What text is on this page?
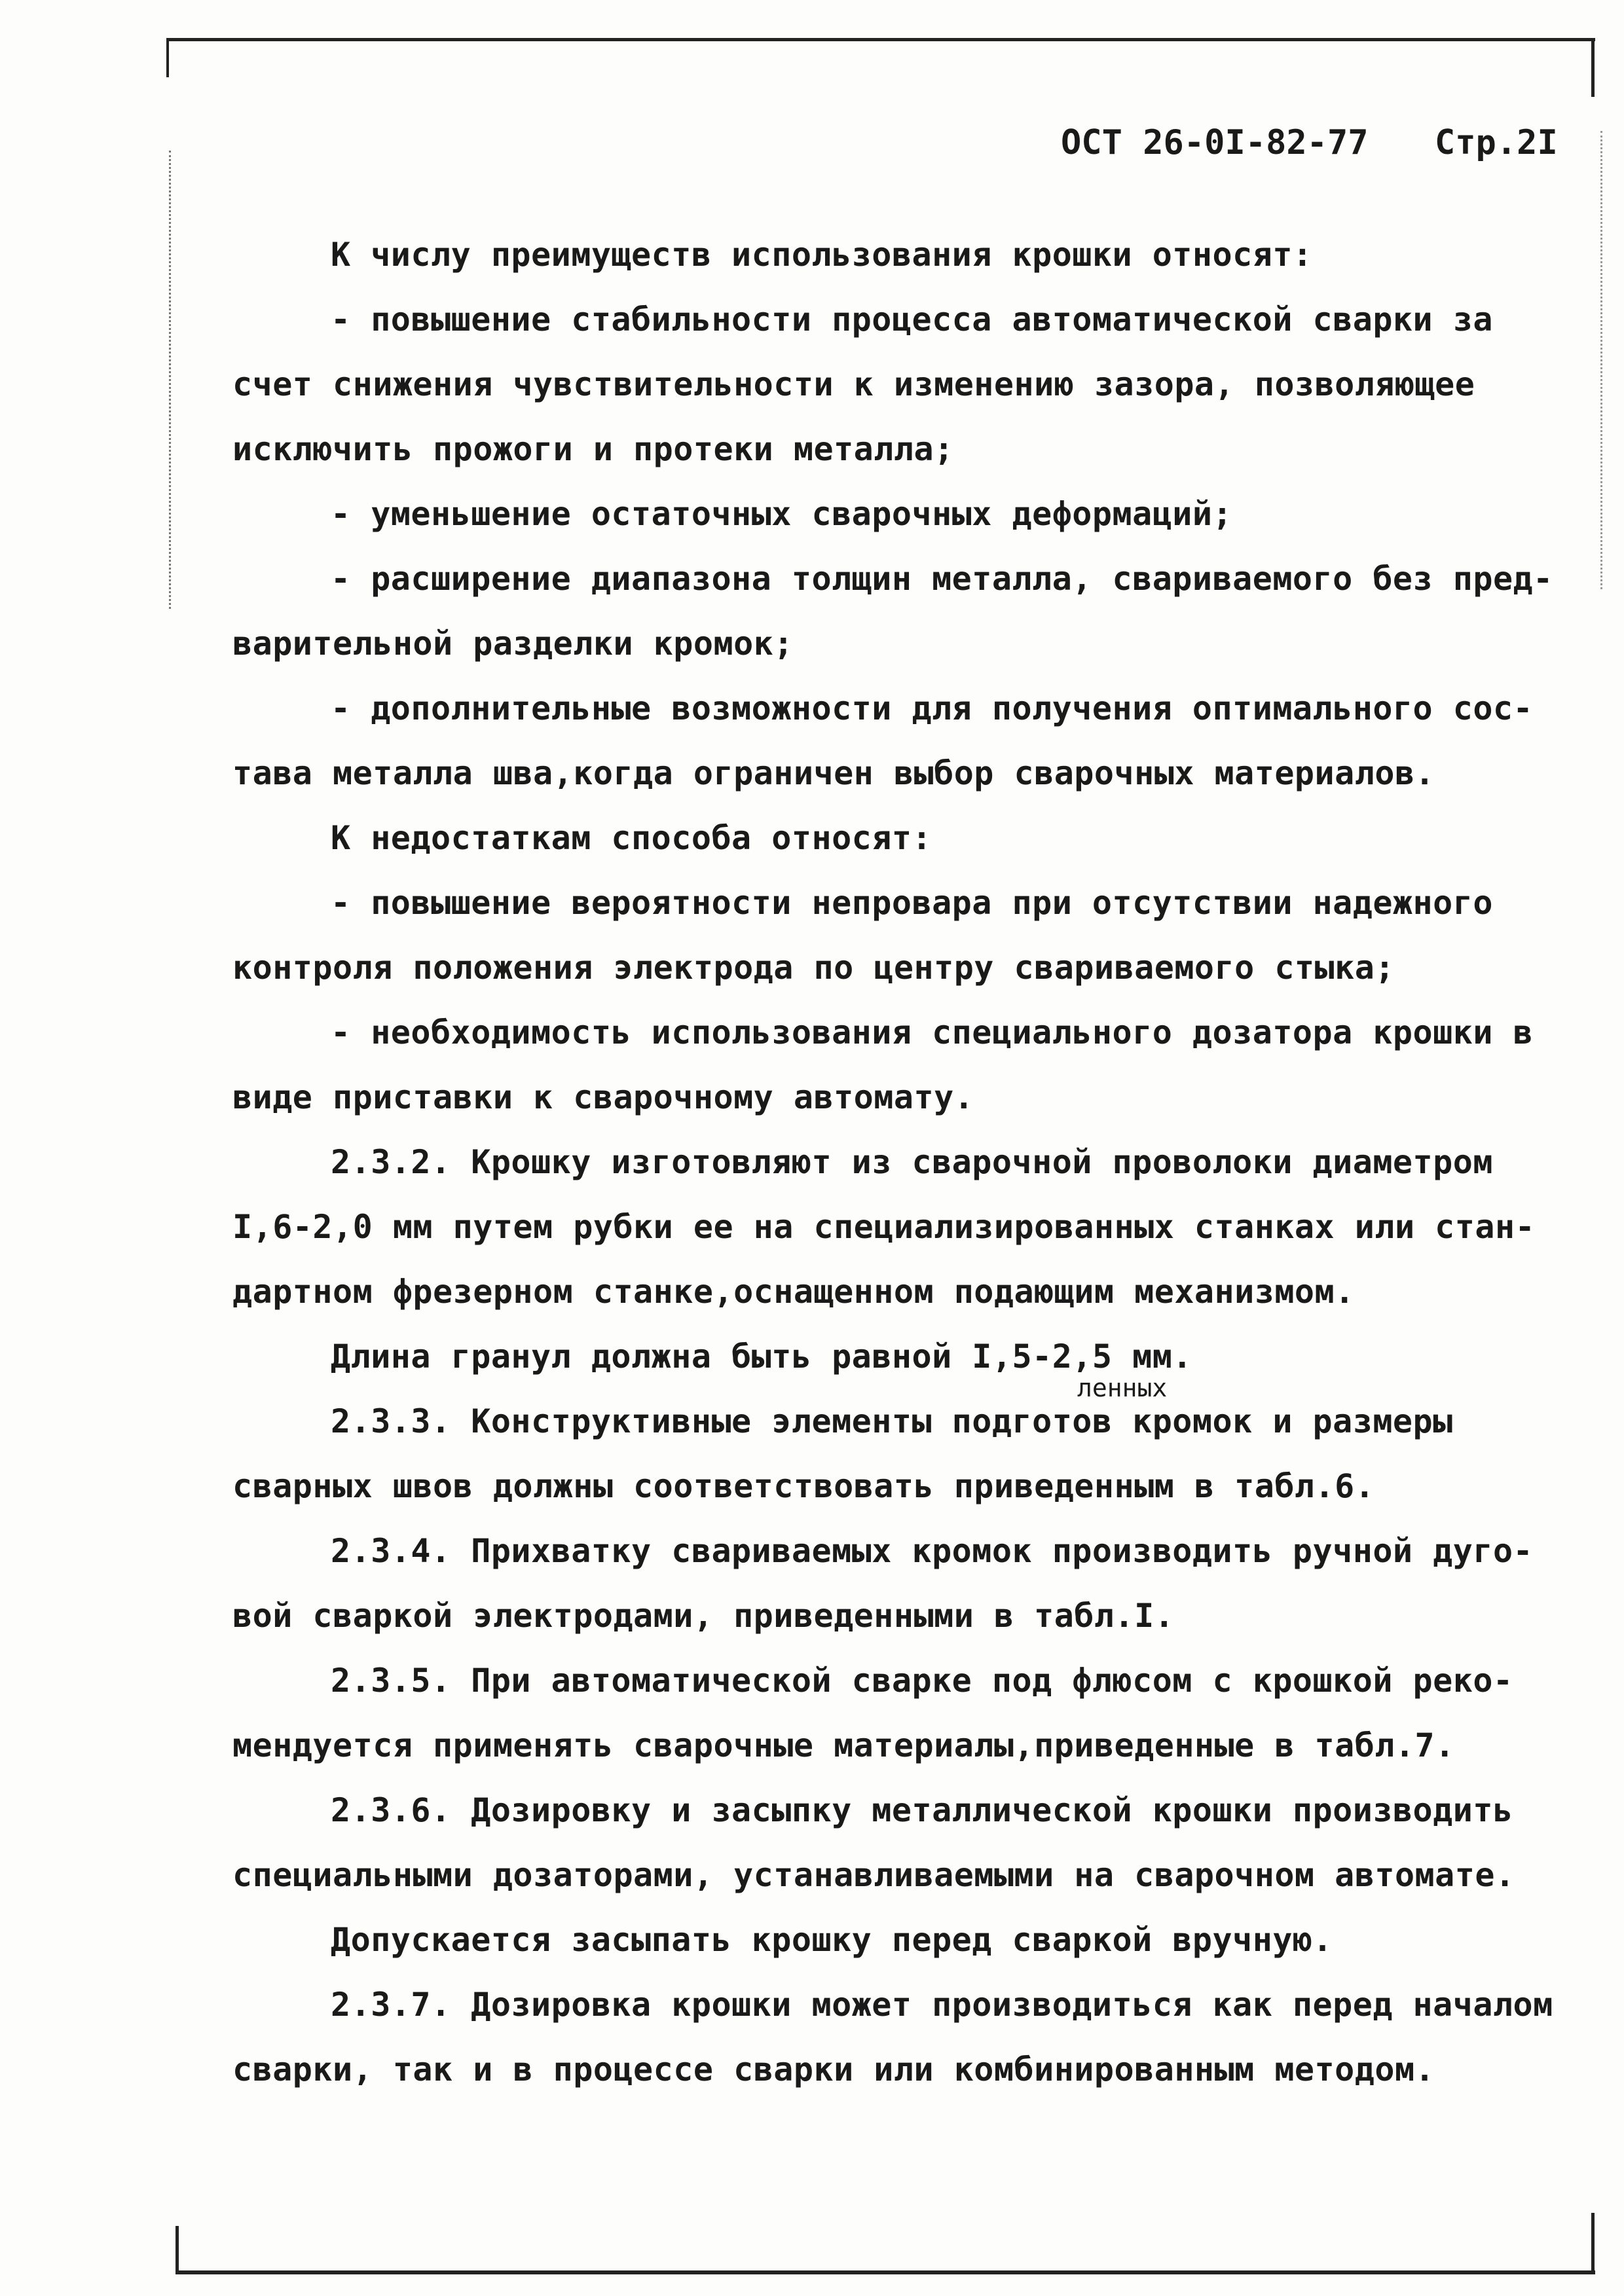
ОСТ 26-0I-82-77 Стр.2I
К числу преимуществ использования крошки относят:
- повышение стабильности процесса автоматической сварки за
счет снижения чувствительности к изменению зазора, позволяющее
исключить прожоги и протеки металла;
- уменьшение остаточных сварочных деформаций;
- расширение диапазона толщин металла, свариваемого без пред-
варительной разделки кромок;
- дополнительные возможности для получения оптимального сос-
тава металла шва,когда ограничен выбор сварочных материалов.
К недостаткам способа относят:
- повышение вероятности непровара при отсутствии надежного
контроля положения электрода по центру свариваемого стыка;
- необходимость использования специального дозатора крошки в
виде приставки к сварочному автомату.
2.3.2. Крошку изготовляют из сварочной проволоки диаметром
I,6-2,0 мм путем рубки ее на специализированных станках или стан-
дартном фрезерном станке,оснащенном подающим механизмом.
Длина гранул должна быть равной I,5-2,5 мм.
2.3.3. Конструктивные элементы подготов кромок и размеры
сварных швов должны соответствовать приведенным в табл.6.
2.3.4. Прихватку свариваемых кромок производить ручной дуго-
вой сваркой электродами, приведенными в табл.I.
2.3.5. При автоматической сварке под флюсом с крошкой реко-
мендуется применять сварочные материалы,приведенные в табл.7.
2.3.6. Дозировку и засыпку металлической крошки производить
специальными дозаторами, устанавливаемыми на сварочном автомате.
Допускается засыпать крошку перед сваркой вручную.
2.3.7. Дозировка крошки может производиться как перед началом
сварки, так и в процессе сварки или комбинированным методом.
ленных
